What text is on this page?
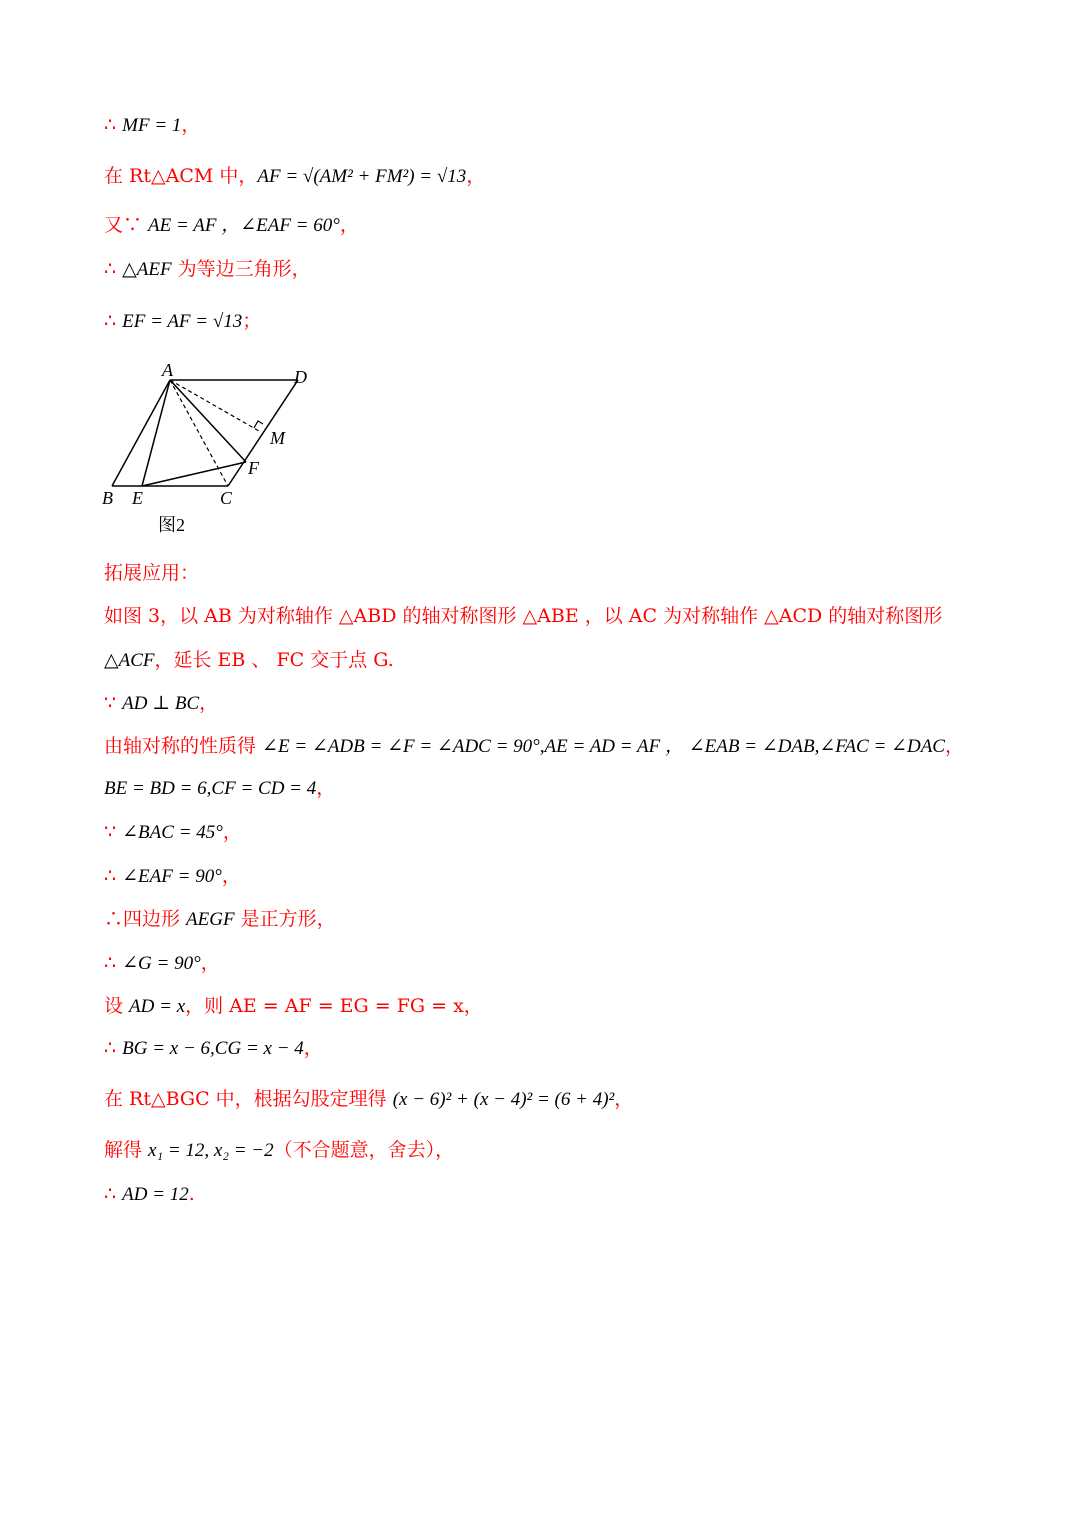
∴ MF = 1，
在 Rt△ACM 中，AF = √(AM² + FM²) = √13，
又∵ AE = AF ，∠EAF = 60°，
∴ △AEF 为等边三角形，
∴ EF = AF = √13；
拓展应用：
如图 3，以 AB 为对称轴作 △ABD 的轴对称图形 △ABE ，以 AC 为对称轴作 △ACD 的轴对称图形
△ACF，延长 EB 、 FC 交于点 G.
∵ AD ⊥ BC，
由轴对称的性质得 ∠E = ∠ADB = ∠F = ∠ADC = 90°,AE = AD = AF ， ∠EAB = ∠DAB,∠FAC = ∠DAC，
BE = BD = 6,CF = CD = 4，
∵ ∠BAC = 45°，
∴ ∠EAF = 90°，
∴四边形 AEGF 是正方形，
∴ ∠G = 90°，
设 AD = x，则 AE = AF = EG = FG = x，
∴ BG = x − 6,CG = x − 4，
在 Rt△BGC 中，根据勾股定理得 (x − 6)² + (x − 4)² = (6 + 4)²，
解得 x₁ = 12, x₂ = −2（不合题意，舍去），
∴ AD = 12.
A	D
M
F
B E	C
图2
